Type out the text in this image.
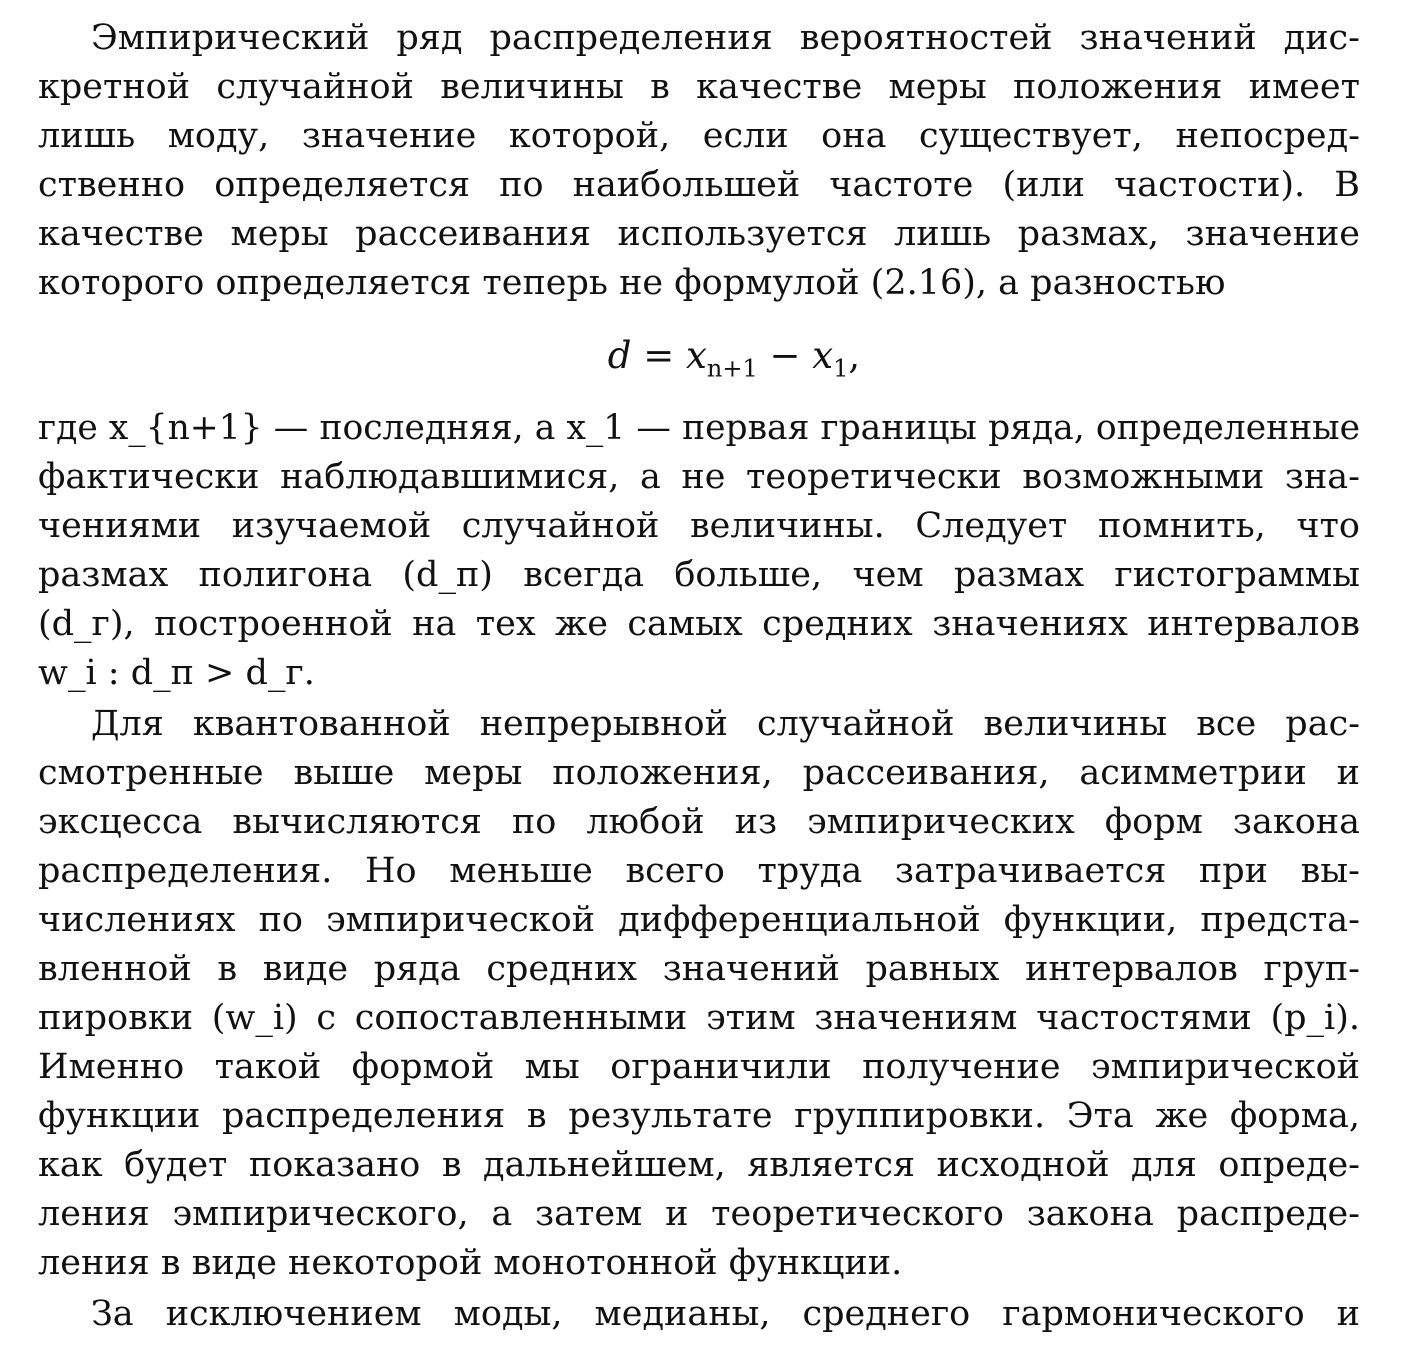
Эмпирический ряд распределения вероятностей значений дис-
кретной случайной величины в качестве меры положения имеет
лишь моду, значение которой, если она существует, непосред-
ственно определяется по наибольшей частоте (или частости). В
качестве меры рассеивания используется лишь размах, значение
которого определяется теперь не формулой (2.16), а разностью
$d = x_{n+1} - x_1$,
где x_{n+1} — последняя, а x_1 — первая границы ряда, определенные
фактически наблюдавшимися, а не теоретически возможными зна-
чениями изучаемой случайной величины. Следует помнить, что
размах полигона (d_п) всегда больше, чем размах гистограммы
(d_г), построенной на тех же самых средних значениях интервалов
w_i : d_п > d_г.
Для квантованной непрерывной случайной величины все рас-
смотренные выше меры положения, рассеивания, асимметрии и
эксцесса вычисляются по любой из эмпирических форм закона
распределения. Но меньше всего труда затрачивается при вы-
числениях по эмпирической дифференциальной функции, предста-
вленной в виде ряда средних значений равных интервалов груп-
пировки (w_i) с сопоставленными этим значениям частостями (p_i).
Именно такой формой мы ограничили получение эмпирической
функции распределения в результате группировки. Эта же форма,
как будет показано в дальнейшем, является исходной для опреде-
ления эмпирического, а затем и теоретического закона распреде-
ления в виде некоторой монотонной функции.
За исключением моды, медианы, среднего гармонического и
